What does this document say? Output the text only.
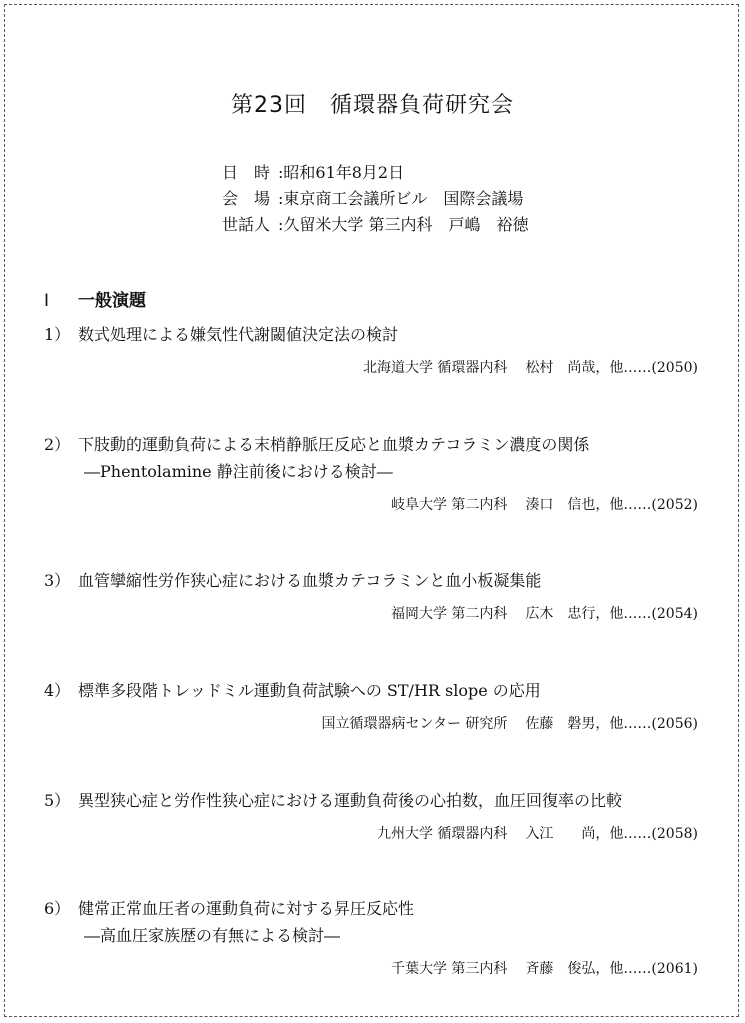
第23回　循環器負荷研究会
日　時 :昭和61年8月2日
会　場 :東京商工会議所ビル　国際会議場
世話人 :久留米大学 第三内科　戸嶋　裕徳
I 一般演題
1） 数式処理による嫌気性代謝閾値決定法の検討
北海道大学 循環器内科 松村　尚哉，他……(2050)
2） 下肢動的運動負荷による末梢静脈圧反応と血漿カテコラミン濃度の関係
―Phentolamine 静注前後における検討―
岐阜大学 第二内科 湊口　信也，他……(2052)
3） 血管攣縮性労作狭心症における血漿カテコラミンと血小板凝集能
福岡大学 第二内科 広木　忠行，他……(2054)
4） 標準多段階トレッドミル運動負荷試験への ST/HR slope の応用
国立循環器病センター 研究所 佐藤　磐男，他……(2056)
5） 異型狭心症と労作性狭心症における運動負荷後の心拍数，血圧回復率の比較
九州大学 循環器内科 入江　　尚，他……(2058)
6） 健常正常血圧者の運動負荷に対する昇圧反応性
―高血圧家族歴の有無による検討―
千葉大学 第三内科 斉藤　俊弘，他……(2061)
